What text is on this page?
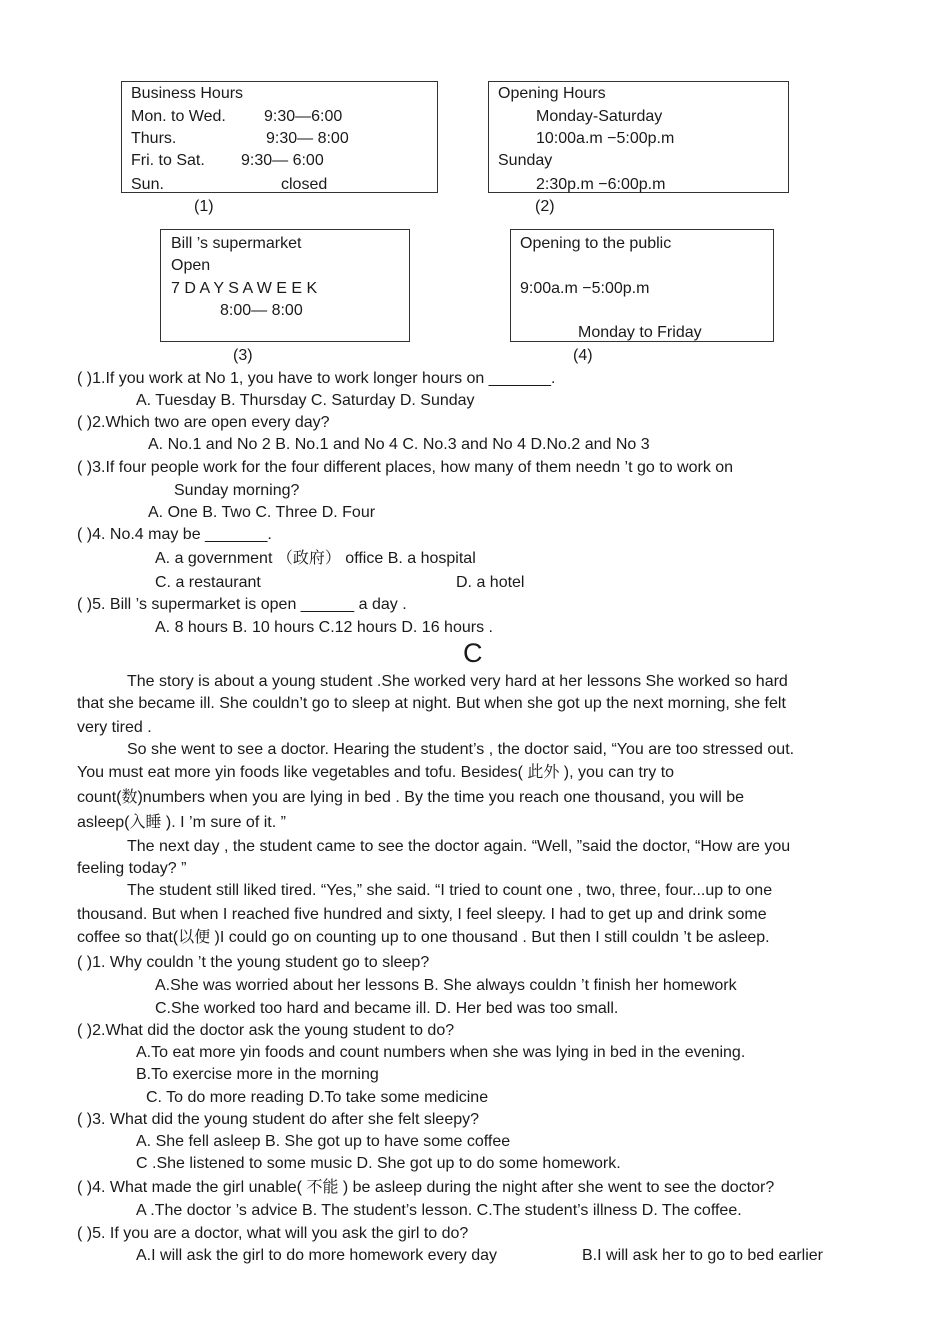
Business Hours
Mon. to Wed. 9:30—6:00
Thurs.	9:30— 8:00
Fri. to Sat. 9:30— 6:00
Sun.	closed
(1)
Opening Hours
Monday-Saturday
10:00a.m −5:00p.m
Sunday
2:30p.m −6:00p.m
(2)
Bill ’s supermarket
Open
7 D A Y S A W E E K
8:00— 8:00
(3)
Opening to the public
9:00a.m −5:00p.m
Monday to Friday
(4)
( )1.If you work at No 1, you have to work longer hours on _______.
A. Tuesday B. Thursday C. Saturday D. Sunday
( )2.Which two are open every day?
A. No.1 and No 2 B. No.1 and No 4 C. No.3 and No 4 D.No.2 and No 3
( )3.If four people work for the four different places, how many of them needn ’t go to work on
Sunday morning?
A. One B. Two C. Three D. Four
( )4. No.4 may be _______.
A. a government （政府） office B. a hospital
C. a restaurant	D. a hotel
( )5. Bill ’s supermarket is open ______ a day .
A. 8 hours B. 10 hours C.12 hours D. 16 hours .
C
The story is about a young student .She worked very hard at her lessons She worked so hard
that she became ill. She couldn’t go to sleep at night. But when she got up the next morning, she felt
very tired .
So she went to see a doctor. Hearing the student’s , the doctor said, “You are too stressed out.
You must eat more yin foods like vegetables and tofu. Besides( 此外 ), you can try to
count(数)numbers when you are lying in bed . By the time you reach one thousand, you will be
asleep(入睡 ). I ’m sure of it. ”
The next day , the student came to see the doctor again. “Well, ”said the doctor, “How are you
feeling today? ”
The student still liked tired. “Yes,” she said. “I tried to count one , two, three, four...up to one
thousand. But when I reached five hundred and sixty, I feel sleepy. I had to get up and drink some
coffee so that(以便 )I could go on counting up to one thousand . But then I still couldn ’t be asleep.
( )1. Why couldn ’t the young student go to sleep?
A.She was worried about her lessons B. She always couldn ’t finish her homework
C.She worked too hard and became ill. D. Her bed was too small.
( )2.What did the doctor ask the young student to do?
A.To eat more yin foods and count numbers when she was lying in bed in the evening.
B.To exercise more in the morning
C. To do more reading D.To take some medicine
( )3. What did the young student do after she felt sleepy?
A. She fell asleep B. She got up to have some coffee
C .She listened to some music D. She got up to do some homework.
( )4. What made the girl unable( 不能 ) be asleep during the night after she went to see the doctor?
A .The doctor ’s advice B. The student’s lesson. C.The student’s illness D. The coffee.
( )5. If you are a doctor, what will you ask the girl to do?
A.I will ask the girl to do more homework every day	B.I will ask her to go to bed earlier
